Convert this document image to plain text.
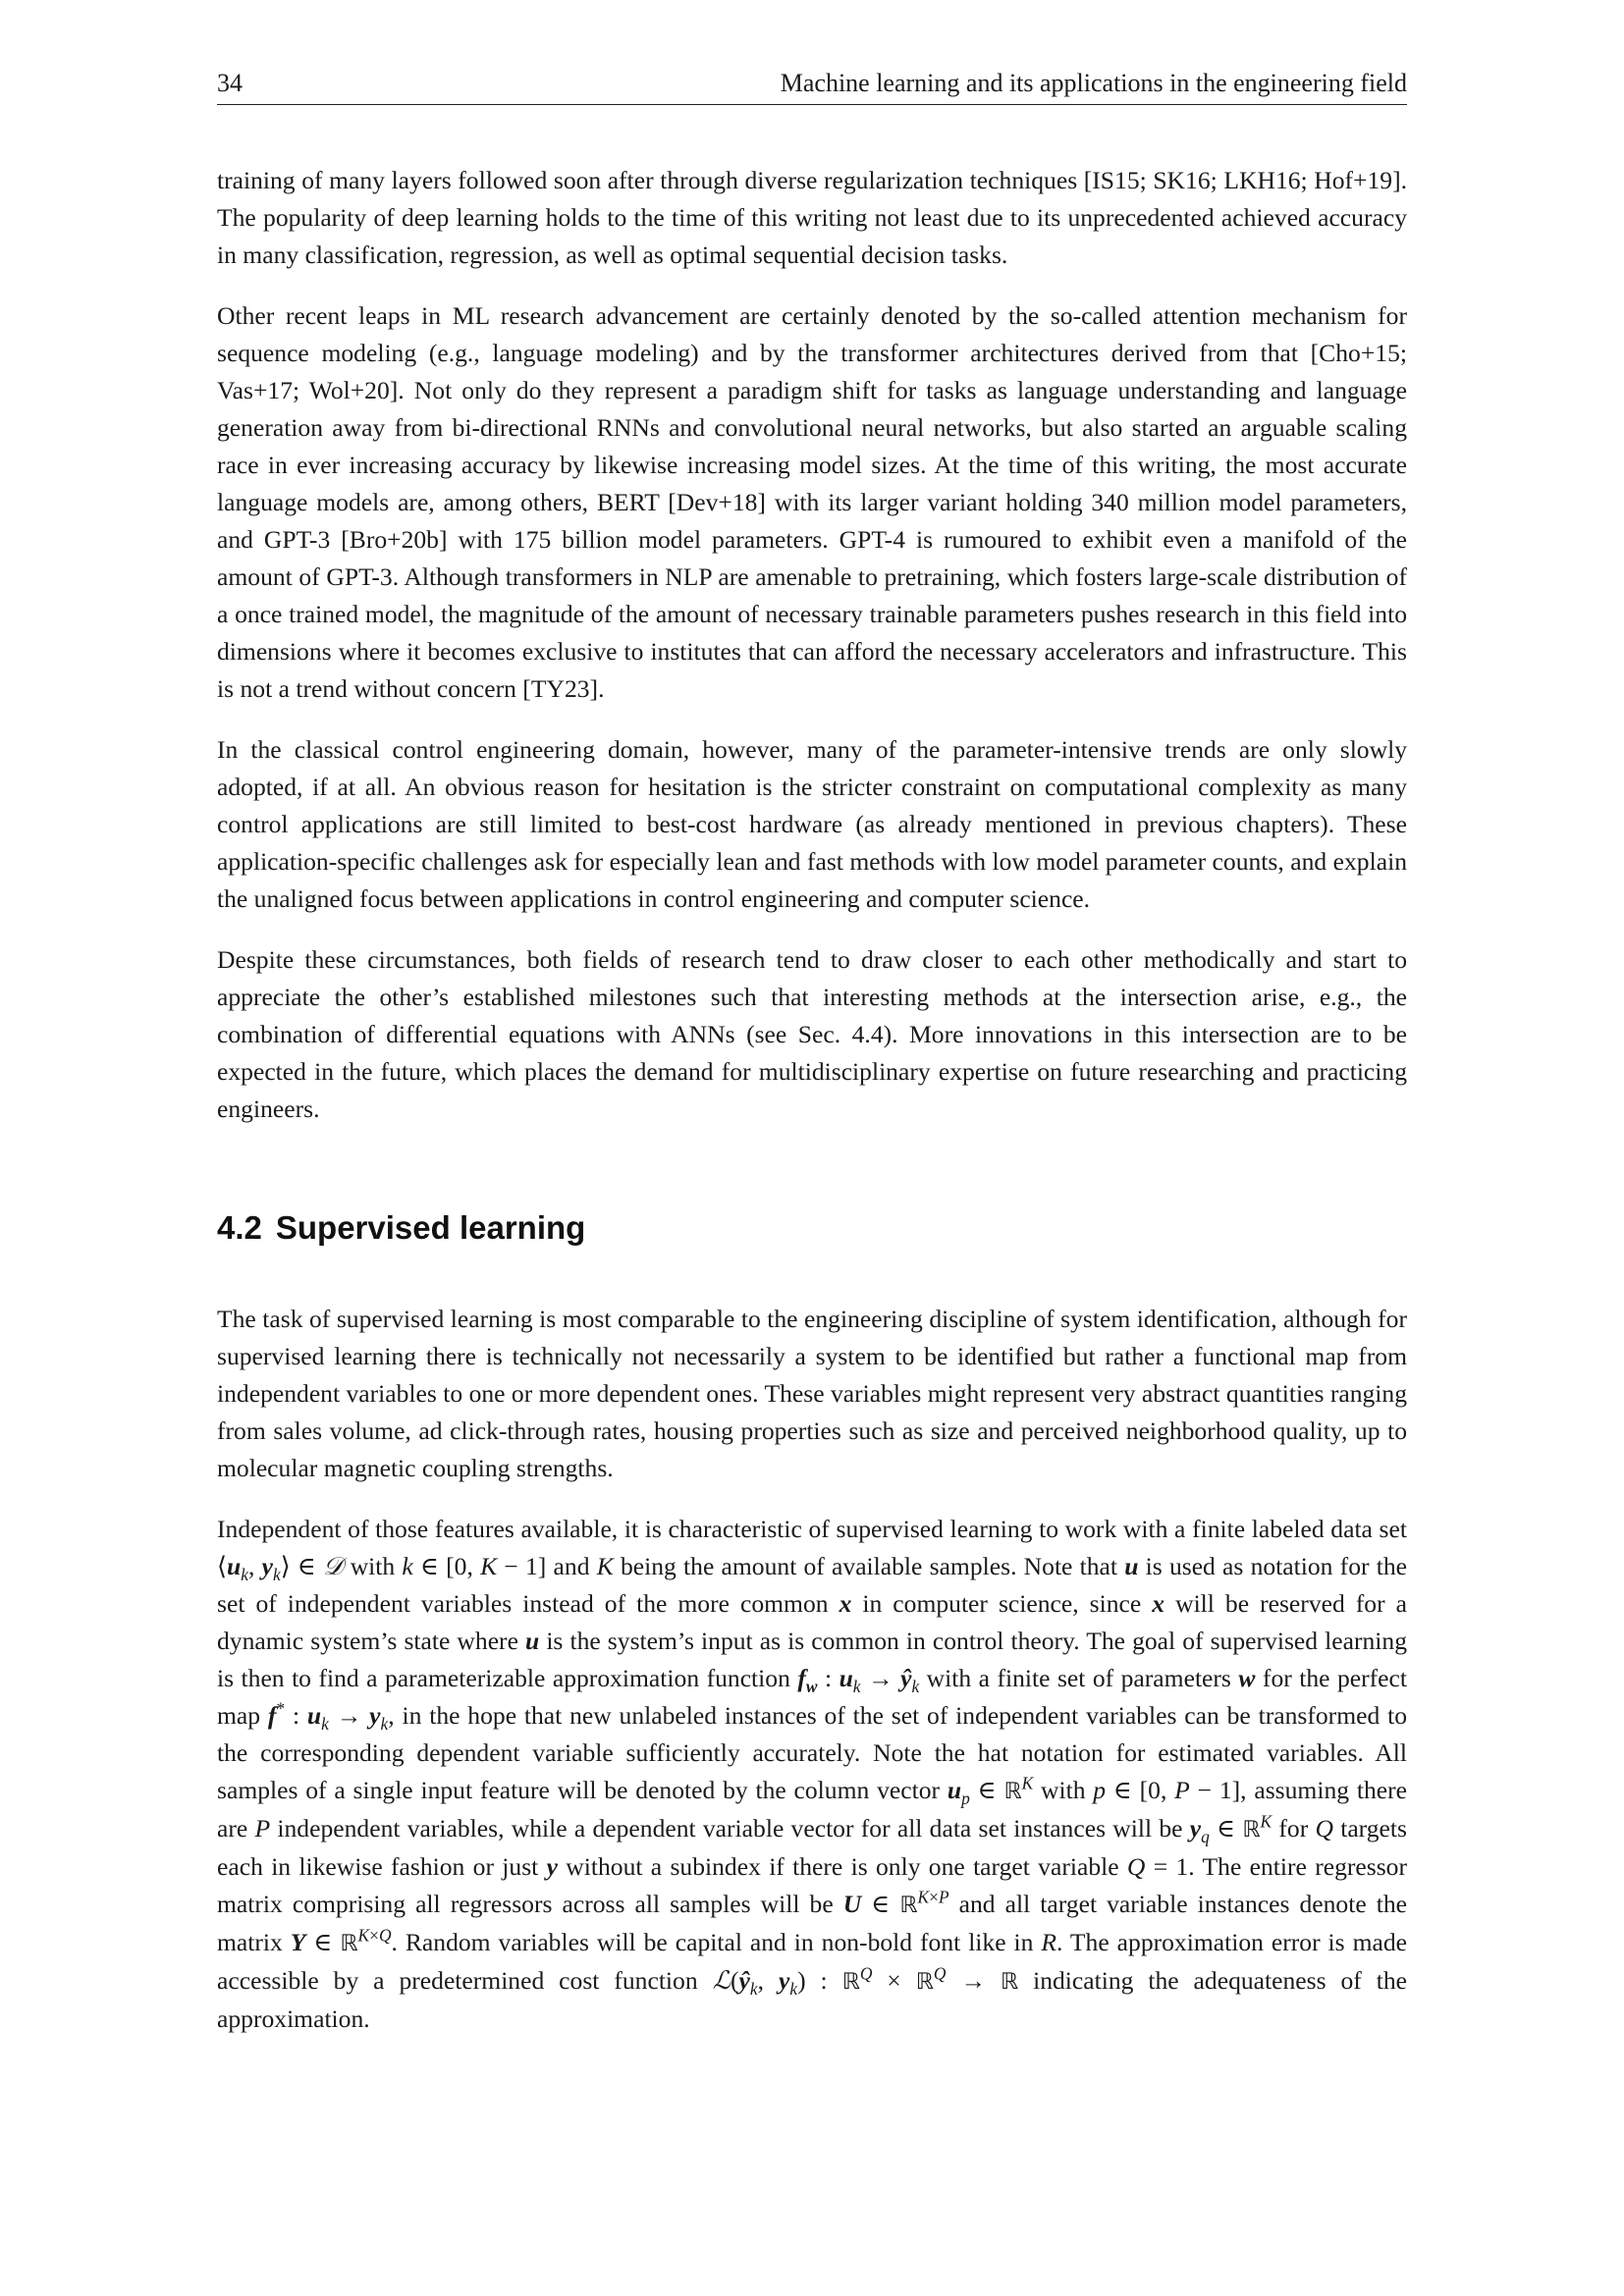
34	Machine learning and its applications in the engineering field

training of many layers followed soon after through diverse regularization techniques [IS15; SK16; LKH16; Hof+19]. The popularity of deep learning holds to the time of this writing not least due to its unprecedented achieved accuracy in many classification, regression, as well as optimal sequential decision tasks.

Other recent leaps in ML research advancement are certainly denoted by the so-called attention mechanism for sequence modeling (e.g., language modeling) and by the transformer architectures derived from that [Cho+15; Vas+17; Wol+20]. Not only do they represent a paradigm shift for tasks as language understanding and language generation away from bi-directional RNNs and convolutional neural networks, but also started an arguable scaling race in ever increasing accuracy by likewise increasing model sizes. At the time of this writing, the most accurate language models are, among others, BERT [Dev+18] with its larger variant holding 340 million model parameters, and GPT-3 [Bro+20b] with 175 billion model parameters. GPT-4 is rumoured to exhibit even a manifold of the amount of GPT-3. Although transformers in NLP are amenable to pretraining, which fosters large-scale distribution of a once trained model, the magnitude of the amount of necessary trainable parameters pushes research in this field into dimensions where it becomes exclusive to institutes that can afford the necessary accelerators and infrastructure. This is not a trend without concern [TY23].

In the classical control engineering domain, however, many of the parameter-intensive trends are only slowly adopted, if at all. An obvious reason for hesitation is the stricter constraint on computational complexity as many control applications are still limited to best-cost hardware (as already mentioned in previous chapters). These application-specific challenges ask for especially lean and fast methods with low model parameter counts, and explain the unaligned focus between applications in control engineering and computer science.

Despite these circumstances, both fields of research tend to draw closer to each other methodically and start to appreciate the other’s established milestones such that interesting methods at the intersection arise, e.g., the combination of differential equations with ANNs (see Sec. 4.4). More innovations in this intersection are to be expected in the future, which places the demand for multidisciplinary expertise on future researching and practicing engineers.

4.2 Supervised learning

The task of supervised learning is most comparable to the engineering discipline of system identification, although for supervised learning there is technically not necessarily a system to be identified but rather a functional map from independent variables to one or more dependent ones. These variables might represent very abstract quantities ranging from sales volume, ad click-through rates, housing properties such as size and perceived neighborhood quality, up to molecular magnetic coupling strengths.

Independent of those features available, it is characteristic of supervised learning to work with a finite labeled data set $⟨u_k$, $y_k⟩$ ∈ 𝒟 with k ∈ [0, K − 1] and K being the amount of available samples. Note that u is used as notation for the set of independent variables instead of the more common x in computer science, since x will be reserved for a dynamic system’s state where u is the system’s input as is common in control theory. The goal of supervised learning is then to find a parameterizable approximation function $f_w$ : $u_k$ → $ŷ_k$ with a finite set of parameters w for the perfect map f* : $u_k \to y_k$, in the hope that new unlabeled instances of the set of independent variables can be transformed to the corresponding dependent variable sufficiently accurately. Note the hat notation for estimated variables. All samples of a single input feature will be denoted by the column vector $u_p$ ∈ ℝ$^K$ with p ∈ [0, P − 1], assuming there are P independent variables, while a dependent variable vector for all data set instances will be $y_q$ ∈ ℝ$^K$ for Q targets each in likewise fashion or just y without a subindex if there is only one target variable Q = 1. The entire regressor matrix comprising all regressors across all samples will be U ∈ ℝ$^{K\times P}$ and all target variable instances denote the matrix Y ∈ ℝ$^{K\times Q}$. Random variables will be capital and in non-bold font like in R. The approximation error is made accessible by a predetermined cost function $ℒ(ŷ_k$, $y_k$) : ℝ$^Q$ × ℝ$^Q$ → ℝ indicating the adequateness of the approximation.
